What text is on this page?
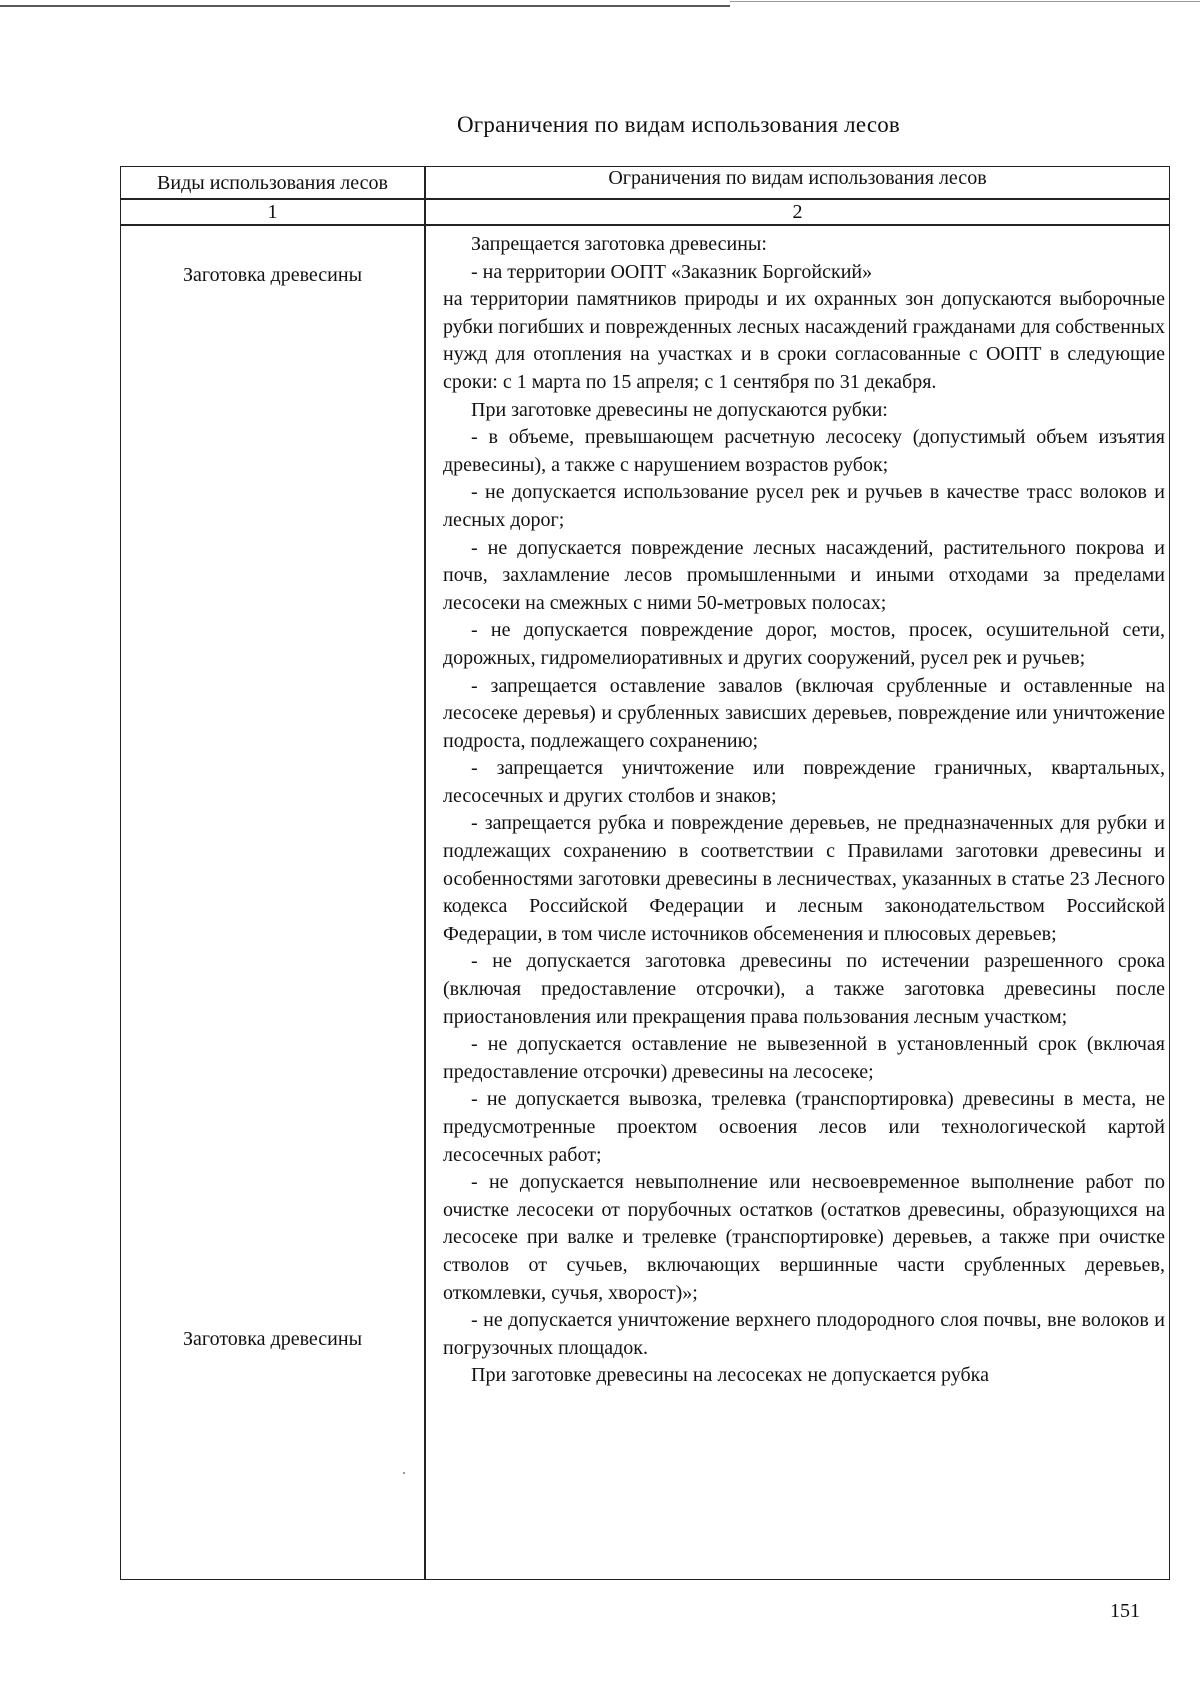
Ограничения по видам использования лесов
Виды использования лесов	Ограничения по видам использования лесов
1	2
Заготовка древесины
Заготовка древесины

Запрещается заготовка древесины:

- на территории ООПТ «Заказник Боргойский»

на территории памятников природы и их охранных зон допускаются выборочные рубки погибших и поврежденных лесных насаждений гражданами для собственных нужд для отопления на участках и в сроки согласованные с ООПТ в следующие сроки: с 1 марта по 15 апреля; с 1 сентября по 31 декабря.

При заготовке древесины не допускаются рубки:

- в объеме, превышающем расчетную лесосеку (допустимый объем изъятия древесины), а также с нарушением возрастов рубок;

- не допускается использование русел рек и ручьев в качестве трасс волоков и лесных дорог;

- не допускается повреждение лесных насаждений, растительного покрова и почв, захламление лесов промышленными и иными отходами за пределами лесосеки на смежных с ними 50-метровых полосах;

- не допускается повреждение дорог, мостов, просек, осушительной сети, дорожных, гидромелиоративных и других сооружений, русел рек и ручьев;

- запрещается оставление завалов (включая срубленные и оставленные на лесосеке деревья) и срубленных зависших деревьев, повреждение или уничтожение подроста, подлежащего сохранению;

- запрещается уничтожение или повреждение граничных, квартальных, лесосечных и других столбов и знаков;

- запрещается рубка и повреждение деревьев, не предназначенных для рубки и подлежащих сохранению в соответствии с Правилами заготовки древесины и особенностями заготовки древесины в лесничествах, указанных в статье 23 Лесного кодекса Российской Федерации и лесным законодательством Российской Федерации, в том числе источников обсеменения и плюсовых деревьев;

- не допускается заготовка древесины по истечении разрешенного срока (включая предоставление отсрочки), а также заготовка древесины после приостановления или прекращения права пользования лесным участком;

- не допускается оставление не вывезенной в установленный срок (включая предоставление отсрочки) древесины на лесосеке;

- не допускается вывозка, трелевка (транспортировка) древесины в места, не предусмотренные проектом освоения лесов или технологической картой лесосечных работ;

- не допускается невыполнение или несвоевременное выполнение работ по очистке лесосеки от порубочных остатков (остатков древесины, образующихся на лесосеке при валке и трелевке (транспортировке) деревьев, а также при очистке стволов от сучьев, включающих вершинные части срубленных деревьев, откомлевки, сучья, хворост)»;

- не допускается уничтожение верхнего плодородного слоя почвы, вне волоков и погрузочных площадок.

При заготовке древесины на лесосеках не допускается рубка

151
